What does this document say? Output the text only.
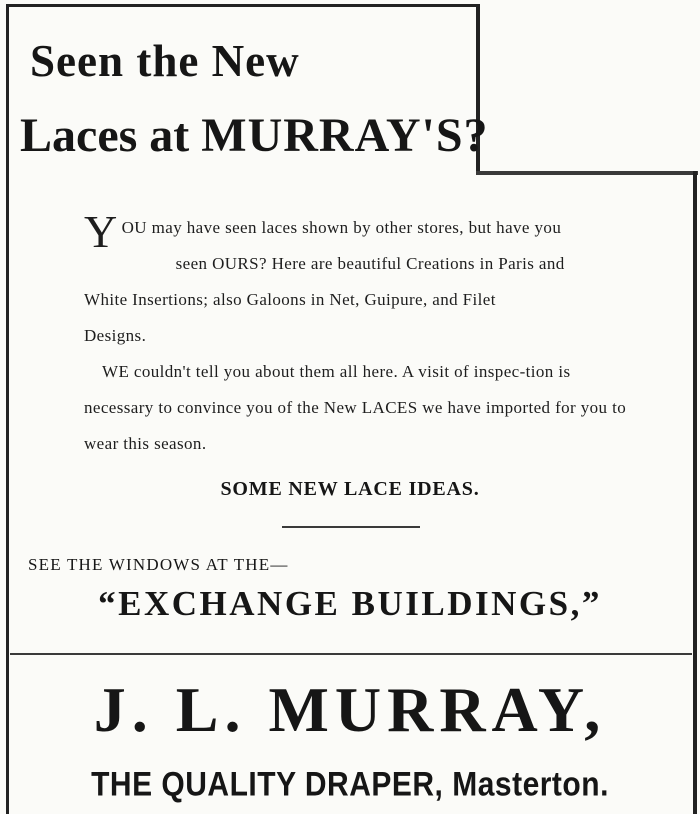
Seen the New
Laces at MURRAY'S?

YOU may have seen laces shown by other stores, but have you
seen OURS? Here are beautiful Creations in Paris and
White Insertions; also Galoons in Net, Guipure, and Filet
Designs.

WE couldn't tell you about them all here. A visit of inspec-tion is necessary to convince you of the New LACES we have imported for you to wear this season.

SOME NEW LACE IDEAS.
SEE THE WINDOWS AT THE—
“EXCHANGE BUILDINGS,”
J. L. MURRAY,
THE QUALITY DRAPER, Masterton.
